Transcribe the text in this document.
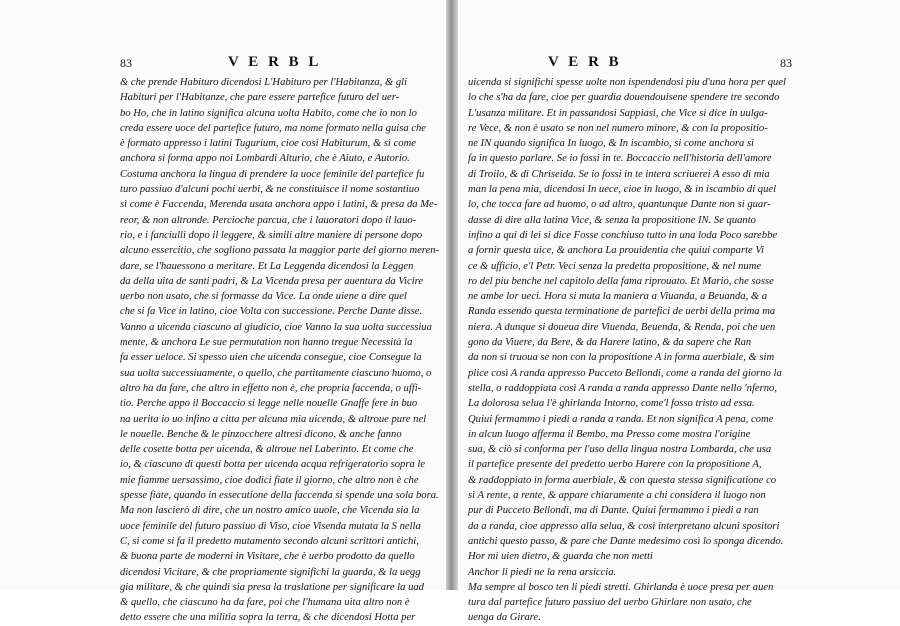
83	V E R B L
& che prende Habituro dicendosi L'Habituro per l'Habitanza, & gli
Habituri per l'Habitanze, che pare essere partefice futuro del uer-
bo Ho, che in latino significa alcuna uolta Habito, come che io non lo
creda essere uoce del partefice futuro, ma nome formato nella guisa che
è formato appresso i latini Tugurium, cioe così Habiturum, & sì come
anchora si forma appo noi Lombardi Alturio, che è Aiuto, e Autorio.
Costuma anchora la lingua di prendere la uoce feminile del partefice fu
turo passiuo d'alcuni pochi uerbi, & ne constituisce il nome sostantiuo
sì come è Faccenda, Merenda usata anchora appo i latini, & presa da Me-
reor, & non altronde. Percioche parcua, che i lauoratori dopo il lauo-
rio, e i fanciulli dopo il leggere, & simili altre maniere di persone dopo
alcuno essercitio, che sogliono passata la maggior parte del giorno meren-
dare, se l'hauessono a meritare. Et La Leggenda dicendosi la Leggen
da della uita de santi padri, & La Vicenda presa per auentura da Vicire
uerbo non usato, che si formasse da Vice. La onde uiene a dire quel
che si fa Vice in latino, cioe Volta con successione. Perche Dante disse.
Vanno a uicenda ciascuno al giudicio, cioe Vanno la sua uolta successiua
mente, & anchora Le sue permutation non hanno tregue Necessità la
fa esser ueloce. Si spesso uien che uicenda consegue, cioe Consegue la
sua uolta successiuamente, o quello, che partitamente ciascuno huomo, o
altro ha da fare, che altro in effetto non è, che propria faccenda, o uffi-
tio. Perche appo il Boccaccio si legge nelle nouelle Gnaffe fere in buo
na uerita io uo infino a citta per alcuna mia uicenda, & altroue pure nel
le nouelle. Benche & le pinzocchere altresi dicono, & anche fanno
delle cosette botta per uicenda, & altroue nel Laberinto. Et come che
io, & ciascuno di questi botta per uicenda acqua refrigeratorio sopra le
mie fiamme uersassimo, cioe dodici fiate il giorno, che altro non è che
spesse fiate, quando in essecutione della faccenda si spende una sola bora.
Ma non lascierò di dire, che un nostro amico uuole, che Vicenda sia la
uoce feminile del futuro passiuo di Viso, cioe Visenda mutata la S nella
C, si come si fa il predetto mutamento secondo alcuni scrittori antichi,
& buona parte de moderni in Visitare, che è uerbo prodotto da quello
dicendosi Vicitare, & che propriamente significhi la guarda, & la uegg
gia militare, & che quindi sia presa la traslatione per significare la uad
& quello, che ciascuno ha da fare, poi che l'humana uita altro non è
detto essere che una militia sopra la terra, & che dicendosi Hotta per
V E R B	83
uicenda si significhi spesse uolte non ispendendosi piu d'una hora per quel
lo che s'ha da fare, cioe per guardia douendouisene spendere tre secondo
L'usanza militare. Et in passandosi Sappiasi, che Vice si dice in uulga-
re Vece, & non è usato se non nel numero minore, & con la propositio-
ne IN quando significa In luogo, & In iscambio, si come anchora si
fa in questo parlare. Se io fossi in te. Boccaccio nell'historia dell'amore
di Troilo, & di Chriseida. Se io fossi in te intera scriuerei A esso di mia
man la pena mia, dicendosi In uece, cioe in luogo, & in iscambio di quel
lo, che tocca fare ad huomo, o ad altro, quantunque Dante non si guar-
dasse di dire alla latina Vice, & senza la propositione IN. Se quanto
infino a qui di lei si dice Fosse conchiuso tutto in una loda Poco sarebbe
a fornir questa uice, & anchora La prouidentia che quiui comparte Vi
ce & ufficio, e'l Petr. Veci senza la predetta propositione, & nel nume
ro del piu benche nel capitolo della fama riprouato. Et Mario, che sosse
ne ambe lor ueci. Hora si muta la maniera a Viuanda, a Beuanda, & a
Randa essendo questa terminatione de partefici de uerbi della prima ma
niera. A dunque si doueua dire Viuenda, Beuenda, & Renda, poi che uen
gono da Viuere, da Bere, & da Harere latino, & da sapere che Ran
da non si truoua se non con la propositione A in forma auerbiale, & sim
plice così A randa appresso Pucceto Bellondi, come a randa del giorno la
stella, o raddoppiata così A randa a randa appresso Dante nello 'nferno,
La dolorosa selua l'è ghirlanda Intorno, come'l fosso tristo ad essa.
Quiui fermammo i piedi a randa a randa. Et non significa A pena, come
in alcun luogo afferma il Bembo, ma Presso come mostra l'origine
sua, & ciò si conforma per l'uso della lingua nostra Lombarda, che usa
il partefice presente del predetto uerbo Harere con la propositione A,
& raddoppiato in forma auerbiale, & con questa stessa significatione co
sì A rente, a rente, & appare chiaramente a chi considera il luogo non
pur di Pucceto Bellondi, ma di Dante. Quiui fermammo i piedi a ran
da a randa, cioe appresso alla selua, & così interpretano alcuni spositori
antichi questo passo, & pare che Dante medesimo così lo sponga dicendo.
Hor mi uien dietro, & guarda che non metti
Anchor li piedi ne la rena arsiccia.
Ma sempre al bosco ten li piedi stretti. Ghirlanda è uoce presa per auen
tura dal partefice futuro passiuo del uerbo Ghirlare non usato, che
uenga da Girare.
